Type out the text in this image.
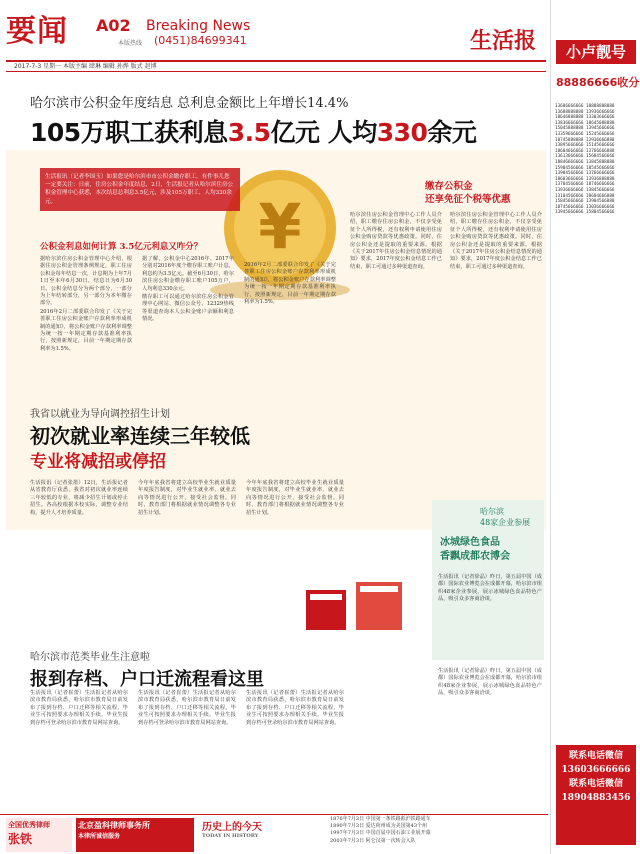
要闻 A02 Breaking News
本版热线 (0451)84699341	生活报
2017-7-3 星期一 本版主编 肆琳 编辑 孙烨 版式 赵博
哈尔滨市公积金年度结息 总利息金额比上年增长14.4%
105万职工获利息3.5亿元 人均330余元
¥
生活报讯（记者李国玉）如果您是哈尔滨市市公积金缴存职工，有件事儿您一定要关注：日前，住房公积金年度结息，2日，生活报记者从哈尔滨住房公积金管理中心获悉，本次结息总利息3.5亿元，涉及105万职工，人均330余元。
公积金利息如何计算 3.5亿元利息又咋分？

据哈尔滨住房公积金管理中心介绍，根据住房公积金管理条例规定，职工住房公积金每年结息一次，计息期为上年7月1日至本年6月30日，结息日为6月30日。公积金结息分为两个部分，一部分为上年结转部分，另一部分为本年缴存部分。

2016年2月二部委联合印发了《关于完善职工住房公积金账户存款利率形成机制的通知》，将公积金账户存款利率调整为统一按一年期定期存款基准利率执行，按照新规定，目前一年期定期存款利率为1.5%。

据了解，公积金中心2016年、2017年分别对2016年度个缴存职工账户计息，利息约为3.5亿元。截至6月30日，哈尔滨住房公积金缴存职工账户105万户，人均利息330余元。

缴存职工可以通过哈尔滨住房公积金管理中心网站、微信公众号、12329热线等渠道查询本人公积金账户余额和利息情况。

2016年2月二部委联合印发了《关于完善职工住房公积金账户存款利率形成机制的通知》，将公积金账户存款利率调整为统一按一年期定期存款基准利率执行，按照新规定，目前一年期定期存款利率为1.5%。

缴存公积金
还享免征个税等优惠

哈尔滨住房公积金管理中心工作人员介绍，职工缴存住房公积金，不仅享受免征个人所得税，还有权利申请使用住房公积金购房贷款等优惠政策。同时，住房公积金还是提取的重要来源。根据《关于2017年住房公积金结息情况的通知》要求，2017年度公积金结息工作已结束，职工可通过多种渠道查询。

哈尔滨住房公积金管理中心工作人员介绍，职工缴存住房公积金，不仅享受免征个人所得税，还有权利申请使用住房公积金购房贷款等优惠政策。同时，住房公积金还是提取的重要来源。根据《关于2017年住房公积金结息情况的通知》要求，2017年度公积金结息工作已结束，职工可通过多种渠道查询。

我省以就业为导向调控招生计划
初次就业率连续三年较低
专业将减招或停招

生活报讯（记者张墨）12日，生活报记者从省教育厅获悉，我省对初次就业率连续三年较低的专业，将减少招生计划或停止招生。各高校根据本校实际，调整专业结构，提升人才培养质量。

今年年底我省将建立高校毕业生就业质量年度报告制度，对毕业生就业率、就业去向等情况进行公开，接受社会监督。同时，教育部门将根据就业情况调整各专业招生计划。

今年年底我省将建立高校毕业生就业质量年度报告制度，对毕业生就业率、就业去向等情况进行公开，接受社会监督。同时，教育部门将根据就业情况调整各专业招生计划。

哈尔滨市范类毕业生注意啦
报到存档、户口迁流程看这里

生活报讯（记者崔蕾）生活报记者从哈尔滨市教育局获悉，哈尔滨市教育局日前发布了报到存档、户口迁移等相关流程，毕业生可按照要求办理相关手续。毕业生报到存档可登录哈尔滨市教育局网站查询。

生活报讯（记者崔蕾）生活报记者从哈尔滨市教育局获悉，哈尔滨市教育局日前发布了报到存档、户口迁移等相关流程，毕业生可按照要求办理相关手续。毕业生报到存档可登录哈尔滨市教育局网站查询。

生活报讯（记者崔蕾）生活报记者从哈尔滨市教育局获悉，哈尔滨市教育局日前发布了报到存档、户口迁移等相关流程，毕业生可按照要求办理相关手续。毕业生报到存档可登录哈尔滨市教育局网站查询。

哈尔滨
48家企业参展
冰城绿色食品
香飘成都农博会

生活报讯（记者徐晶）昨日，第五届中国（成都）国际农业博览会在成都开幕，哈尔滨市组织48家企业参展，展示冰城绿色食品特色产品，吸引众多客商洽谈。

生活报讯（记者徐晶）昨日，第五届中国（成都）国际农业博览会在成都开幕，哈尔滨市组织48家企业参展，展示冰城绿色食品特色产品，吸引众多客商洽谈。

小卢靓号
88886666收分
13606666666 18888888888
13688888888 13936666666
18646888888 13303666666
13836666666 18645088888
15045888888 13945666666
13359666666 15245666666
18745888888 13936666888
13895666666 15145666666
18604666666 13766666888
13613666666 15604566666
18846666666 13845888888
15904566666 18545666666
13904566666 13766666666
18603666666 13936888888
13704566666 18746666666
13936666666 13845666666
13104566666 18604666888
15845666666 13904566888
18745666666 13036666666
13945666666 15804566666
联系电话微信
13603666666
联系电话微信
18904883456
全国优秀律师
张铁
北京盈科律师事务所
本律所诚信服务
历史上的今天
TODAY IN HISTORY
1876年7月3日 中国第一条铁路淞沪铁路通车
1890年7月3日 爱达荷州成为美国第43个州
1997年7月3日 中国首届中国石油工业展开幕
2003年7月3日 阿仑汉第一次转会入队
